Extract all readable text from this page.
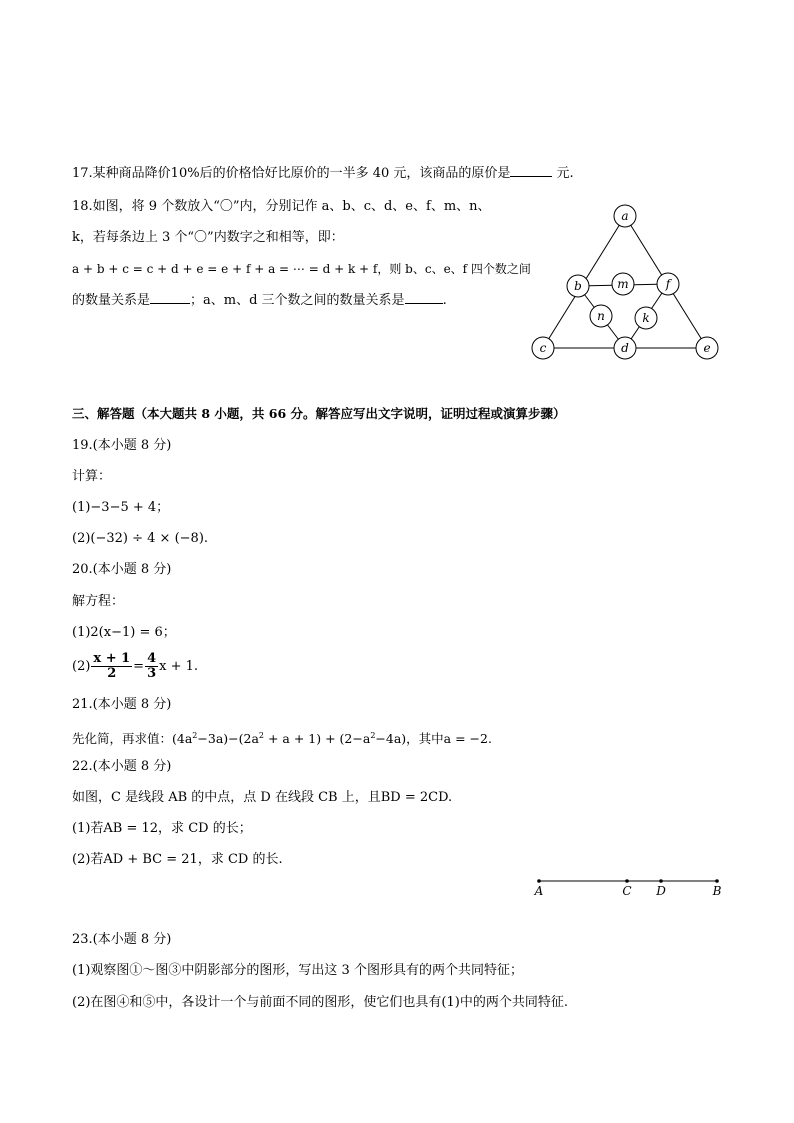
17.某种商品降价10%后的价格恰好比原价的一半多 40 元，该商品的原价是	元.
18.如图，将 9 个数放入“〇”内，分别记作 a、b、c、d、e、f、m、n、
k，若每条边上 3 个“〇”内数字之和相等，即：
a + b + c = c + d + e = e + f + a = ⋯ = d + k + f，则 b、c、e、f 四个数之间
的数量关系是	；a、m、d 三个数之间的数量关系是	.
a
b
c	d	e
f
m
n	k
三、解答题（本大题共 8 小题，共 66 分。解答应写出文字说明，证明过程或演算步骤）
19.(本小题 8 分)
计算：
(1)−3−5 + 4；
(2)(−32) ÷ 4 × (−8).
20.(本小题 8 分)
解方程：
(1)2(x−1) = 6；
$(2) \frac{x + 1}{2} = \frac{4}{3}$ x + 1.
21.(本小题 8 分)
先化简，再求值：$(4a^2-3a)-(2a^2 + a + 1) + (2-a^2-4a)$，其中a = −2.
22.(本小题 8 分)
如图，C 是线段 AB 的中点，点 D 在线段 CB 上，且BD = 2CD.
(1)若AB = 12，求 CD 的长；
(2)若AD + BC = 21，求 CD 的长.
A	C D	B
23.(本小题 8 分)
(1)观察图①～图③中阴影部分的图形，写出这 3 个图形具有的两个共同特征；
(2)在图④和⑤中，各设计一个与前面不同的图形，使它们也具有(1)中的两个共同特征.
